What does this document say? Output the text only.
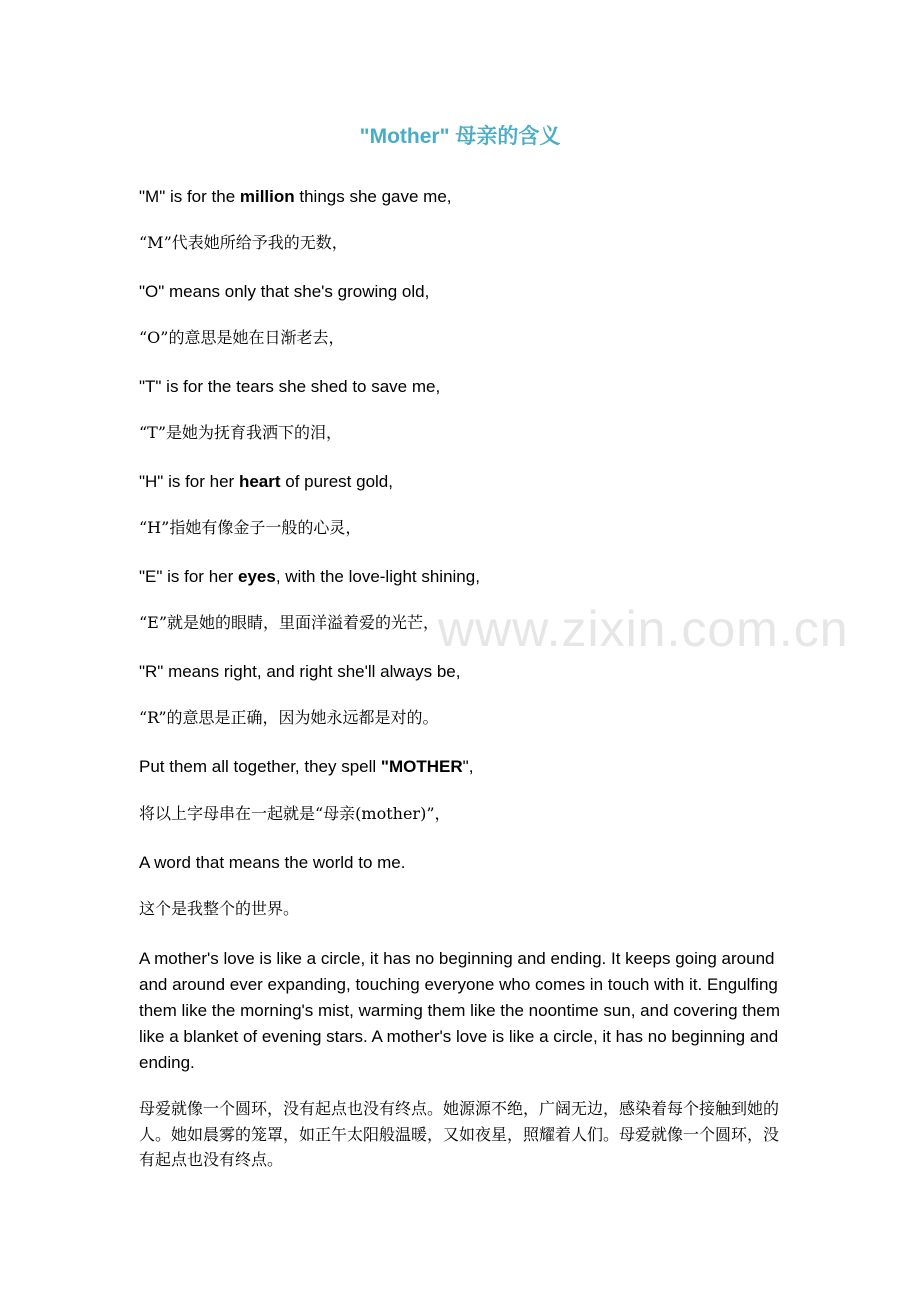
"Mother" 母亲的含义

"M" is for the million things she gave me,

“M”代表她所给予我的无数，

"O" means only that she's growing old,

“O”的意思是她在日渐老去，

"T" is for the tears she shed to save me,

“T”是她为抚育我洒下的泪，

"H" is for her heart of purest gold,

“H”指她有像金子一般的心灵，

"E" is for her eyes, with the love-light shining,

“E”就是她的眼睛，里面洋溢着爱的光芒，

"R" means right, and right she'll always be,

“R”的意思是正确，因为她永远都是对的。

Put them all together, they spell "MOTHER",

将以上字母串在一起就是“母亲(mother)”，

A word that means the world to me.

这个是我整个的世界。

A mother's love is like a circle, it has no beginning and ending. It keeps going around and around ever expanding, touching everyone who comes in touch with it. Engulfing them like the morning's mist, warming them like the noontime sun, and covering them like a blanket of evening stars. A mother's love is like a circle, it has no beginning and ending.

母爱就像一个圆环，没有起点也没有终点。她源源不绝，广阔无边，感染着每个接触到她的人。她如晨雾的笼罩，如正午太阳般温暖，又如夜星，照耀着人们。母爱就像一个圆环，没有起点也没有终点。

www.zixin.com.cn
